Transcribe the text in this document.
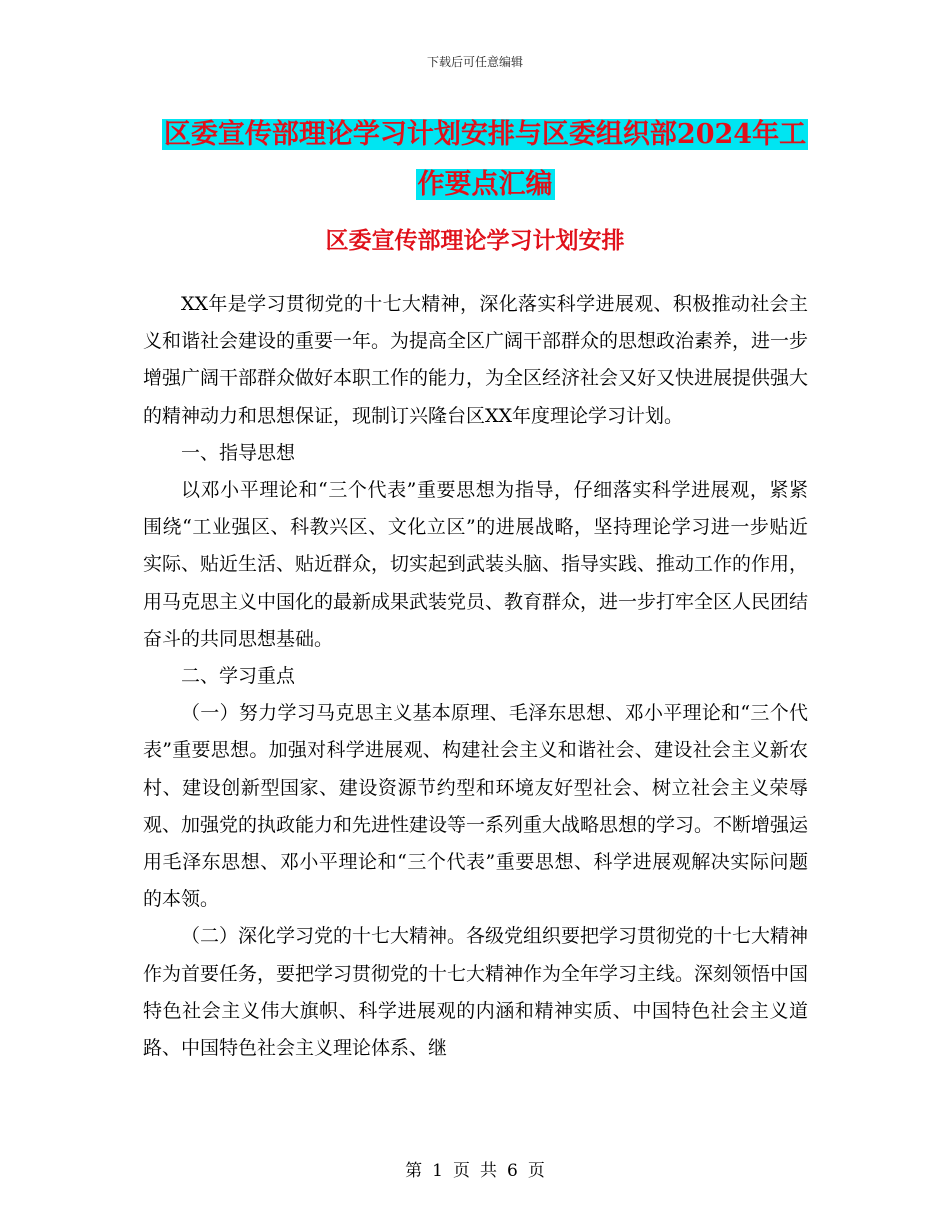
下载后可任意编辑
区委宣传部理论学习计划安排与区委组织部2024年工
作要点汇编
区委宣传部理论学习计划安排

XX年是学习贯彻党的十七大精神，深化落实科学进展观、积极推动社会主义和谐社会建设的重要一年。为提高全区广阔干部群众的思想政治素养，进一步增强广阔干部群众做好本职工作的能力，为全区经济社会又好又快进展提供强大的精神动力和思想保证，现制订兴隆台区XX年度理论学习计划。

一、指导思想

以邓小平理论和“三个代表”重要思想为指导，仔细落实科学进展观，紧紧围绕“工业强区、科教兴区、文化立区”的进展战略，坚持理论学习进一步贴近实际、贴近生活、贴近群众，切实起到武装头脑、指导实践、推动工作的作用，用马克思主义中国化的最新成果武装党员、教育群众，进一步打牢全区人民团结奋斗的共同思想基础。

二、学习重点

（一）努力学习马克思主义基本原理、毛泽东思想、邓小平理论和“三个代表”重要思想。加强对科学进展观、构建社会主义和谐社会、建设社会主义新农村、建设创新型国家、建设资源节约型和环境友好型社会、树立社会主义荣辱观、加强党的执政能力和先进性建设等一系列重大战略思想的学习。不断增强运用毛泽东思想、邓小平理论和“三个代表”重要思想、科学进展观解决实际问题的本领。

（二）深化学习党的十七大精神。各级党组织要把学习贯彻党的十七大精神作为首要任务，要把学习贯彻党的十七大精神作为全年学习主线。深刻领悟中国特色社会主义伟大旗帜、科学进展观的内涵和精神实质、中国特色社会主义道路、中国特色社会主义理论体系、继

第 1 页 共 6 页
